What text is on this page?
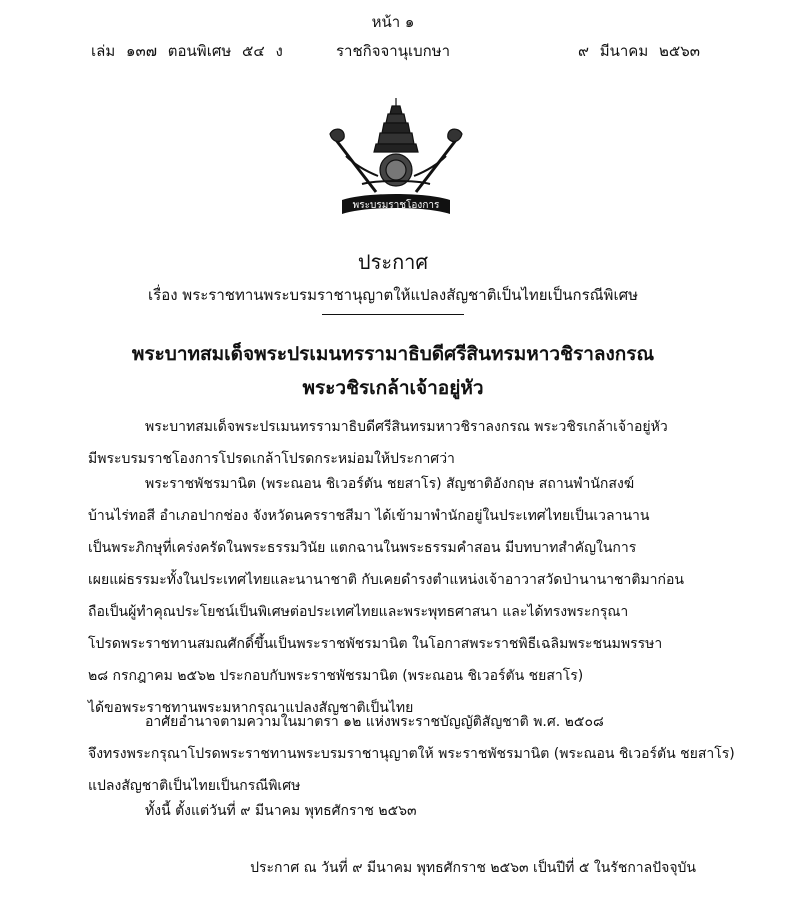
หน้า ๑
เล่ม ๑๓๗ ตอนพิเศษ ๕๔ ง	ราชกิจจานุเบกษา	๙ มีนาคม ๒๕๖๓
พระบรมราชโองการ
ประกาศ
เรื่อง พระราชทานพระบรมราชานุญาตให้แปลงสัญชาติเป็นไทยเป็นกรณีพิเศษ
พระบาทสมเด็จพระปรเมนทรรามาธิบดีศรีสินทรมหาวชิราลงกรณ
พระวชิรเกล้าเจ้าอยู่หัว
พระบาทสมเด็จพระปรเมนทรรามาธิบดีศรีสินทรมหาวชิราลงกรณ พระวชิรเกล้าเจ้าอยู่หัว
มีพระบรมราชโองการโปรดเกล้าโปรดกระหม่อมให้ประกาศว่า
พระราชพัชรมานิต (พระณอน ชิเวอร์ตัน ชยสาโร) สัญชาติอังกฤษ สถานพำนักสงฆ์
บ้านไร่ทอสี อำเภอปากช่อง จังหวัดนครราชสีมา ได้เข้ามาพำนักอยู่ในประเทศไทยเป็นเวลานาน
เป็นพระภิกษุที่เคร่งครัดในพระธรรมวินัย แตกฉานในพระธรรมคำสอน มีบทบาทสำคัญในการ
เผยแผ่ธรรมะทั้งในประเทศไทยและนานาชาติ กับเคยดำรงตำแหน่งเจ้าอาวาสวัดป่านานาชาติมาก่อน
ถือเป็นผู้ทำคุณประโยชน์เป็นพิเศษต่อประเทศไทยและพระพุทธศาสนา และได้ทรงพระกรุณา
โปรดพระราชทานสมณศักดิ์ขึ้นเป็นพระราชพัชรมานิต ในโอกาสพระราชพิธีเฉลิมพระชนมพรรษา
๒๘ กรกฎาคม ๒๕๖๒ ประกอบกับพระราชพัชรมานิต (พระณอน ชิเวอร์ตัน ชยสาโร)
ได้ขอพระราชทานพระมหากรุณาแปลงสัญชาติเป็นไทย
อาศัยอำนาจตามความในมาตรา ๑๒ แห่งพระราชบัญญัติสัญชาติ พ.ศ. ๒๕๐๘
จึงทรงพระกรุณาโปรดพระราชทานพระบรมราชานุญาตให้ พระราชพัชรมานิต (พระณอน ชิเวอร์ตัน ชยสาโร)
แปลงสัญชาติเป็นไทยเป็นกรณีพิเศษ
ทั้งนี้ ตั้งแต่วันที่ ๙ มีนาคม พุทธศักราช ๒๕๖๓
ประกาศ ณ วันที่ ๙ มีนาคม พุทธศักราช ๒๕๖๓ เป็นปีที่ ๕ ในรัชกาลปัจจุบัน
